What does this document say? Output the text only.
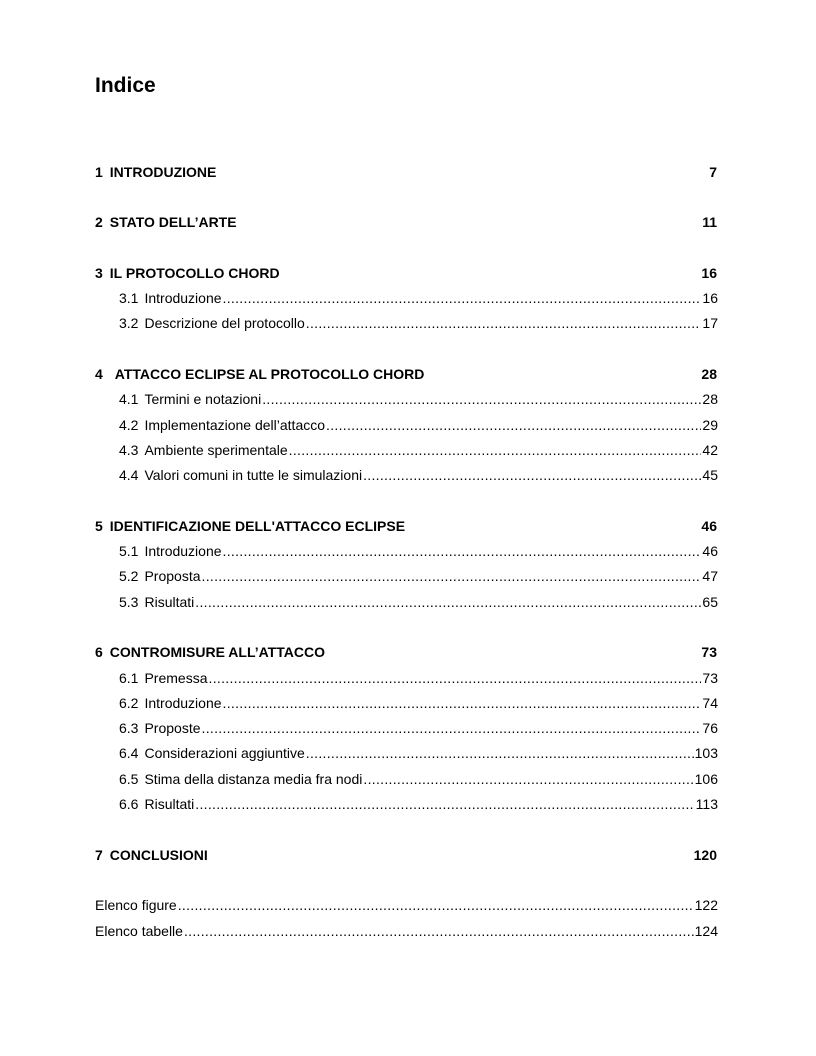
Indice
1 INTRODUZIONE	7
2 STATO DELL’ARTE	11
3 IL PROTOCOLLO CHORD	16
3.1 Introduzione .....	16
3.2 Descrizione del protocollo .....	17
4 ATTACCO ECLIPSE AL PROTOCOLLO CHORD	28
4.1 Termini e notazioni .....	28
4.2 Implementazione dell’attacco .....	29
4.3 Ambiente sperimentale .....	42
4.4 Valori comuni in tutte le simulazioni .....	45
5 IDENTIFICAZIONE DELL'ATTACCO ECLIPSE	46
5.1 Introduzione .....	46
5.2 Proposta .....	47
5.3 Risultati .....	65
6 CONTROMISURE ALL’ATTACCO	73
6.1 Premessa .....	73
6.2 Introduzione .....	74
6.3 Proposte .....	76
6.4 Considerazioni aggiuntive .....	103
6.5 Stima della distanza media fra nodi .....	106
6.6 Risultati .....	113
7 CONCLUSIONI	120
Elenco figure .....	122
Elenco tabelle .....	124
